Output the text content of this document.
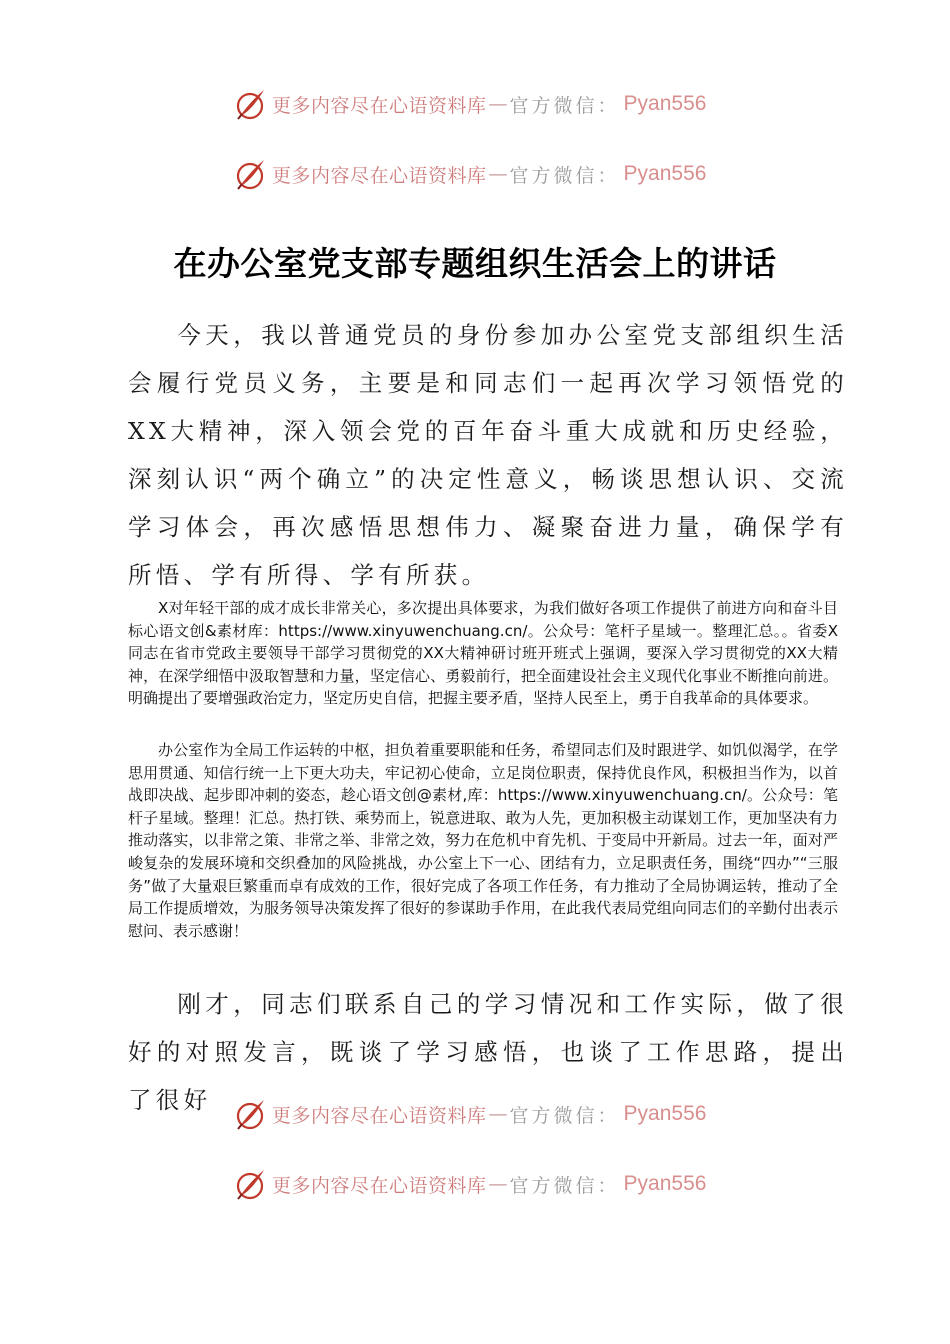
更多内容尽在心语资料库 — 官方微信： Pyan556
更多内容尽在心语资料库 — 官方微信： Pyan556
在办公室党支部专题组织生活会上的讲话

今天，我以普通党员的身份参加办公室党支部组织生活会履行党员义务，主要是和同志们一起再次学习领悟党的XX大精神，深入领会党的百年奋斗重大成就和历史经验，深刻认识“两个确立”的决定性意义，畅谈思想认识、交流学习体会，再次感悟思想伟力、凝聚奋进力量，确保学有所悟、学有所得、学有所获。

X对年轻干部的成才成长非常关心，多次提出具体要求，为我们做好各项工作提供了前进方向和奋斗目标心语文创&素材库：https://www.xinyuwenchuang.cn/。公众号：笔杆子星域一。整理汇总。。省委X同志在省市党政主要领导干部学习贯彻党的XX大精神研讨班开班式上强调，要深入学习贯彻党的XX大精神，在深学细悟中汲取智慧和力量，坚定信心、勇毅前行，把全面建设社会主义现代化事业不断推向前进。明确提出了要增强政治定力，坚定历史自信，把握主要矛盾，坚持人民至上，勇于自我革命的具体要求。

办公室作为全局工作运转的中枢，担负着重要职能和任务，希望同志们及时跟进学、如饥似渴学，在学思用贯通、知信行统一上下更大功夫，牢记初心使命，立足岗位职责，保持优良作风，积极担当作为，以首战即决战、起步即冲刺的姿态，趁心语文创@素材,库：https://www.xinyuwenchuang.cn/。公众号：笔杆子星域。整理！汇总。热打铁、乘势而上，锐意进取、敢为人先，更加积极主动谋划工作，更加坚决有力推动落实，以非常之策、非常之举、非常之效，努力在危机中育先机、于变局中开新局。过去一年，面对严峻复杂的发展环境和交织叠加的风险挑战，办公室上下一心、团结有力，立足职责任务，围绕“四办”“三服务”做了大量艰巨繁重而卓有成效的工作，很好完成了各项工作任务，有力推动了全局协调运转，推动了全局工作提质增效，为服务领导决策发挥了很好的参谋助手作用，在此我代表局党组向同志们的辛勤付出表示慰问、表示感谢！

刚才，同志们联系自己的学习情况和工作实际，做了很好的对照发言，既谈了学习感悟，也谈了工作思路，提出了很好

更多内容尽在心语资料库 — 官方微信： Pyan556
更多内容尽在心语资料库 — 官方微信： Pyan556
